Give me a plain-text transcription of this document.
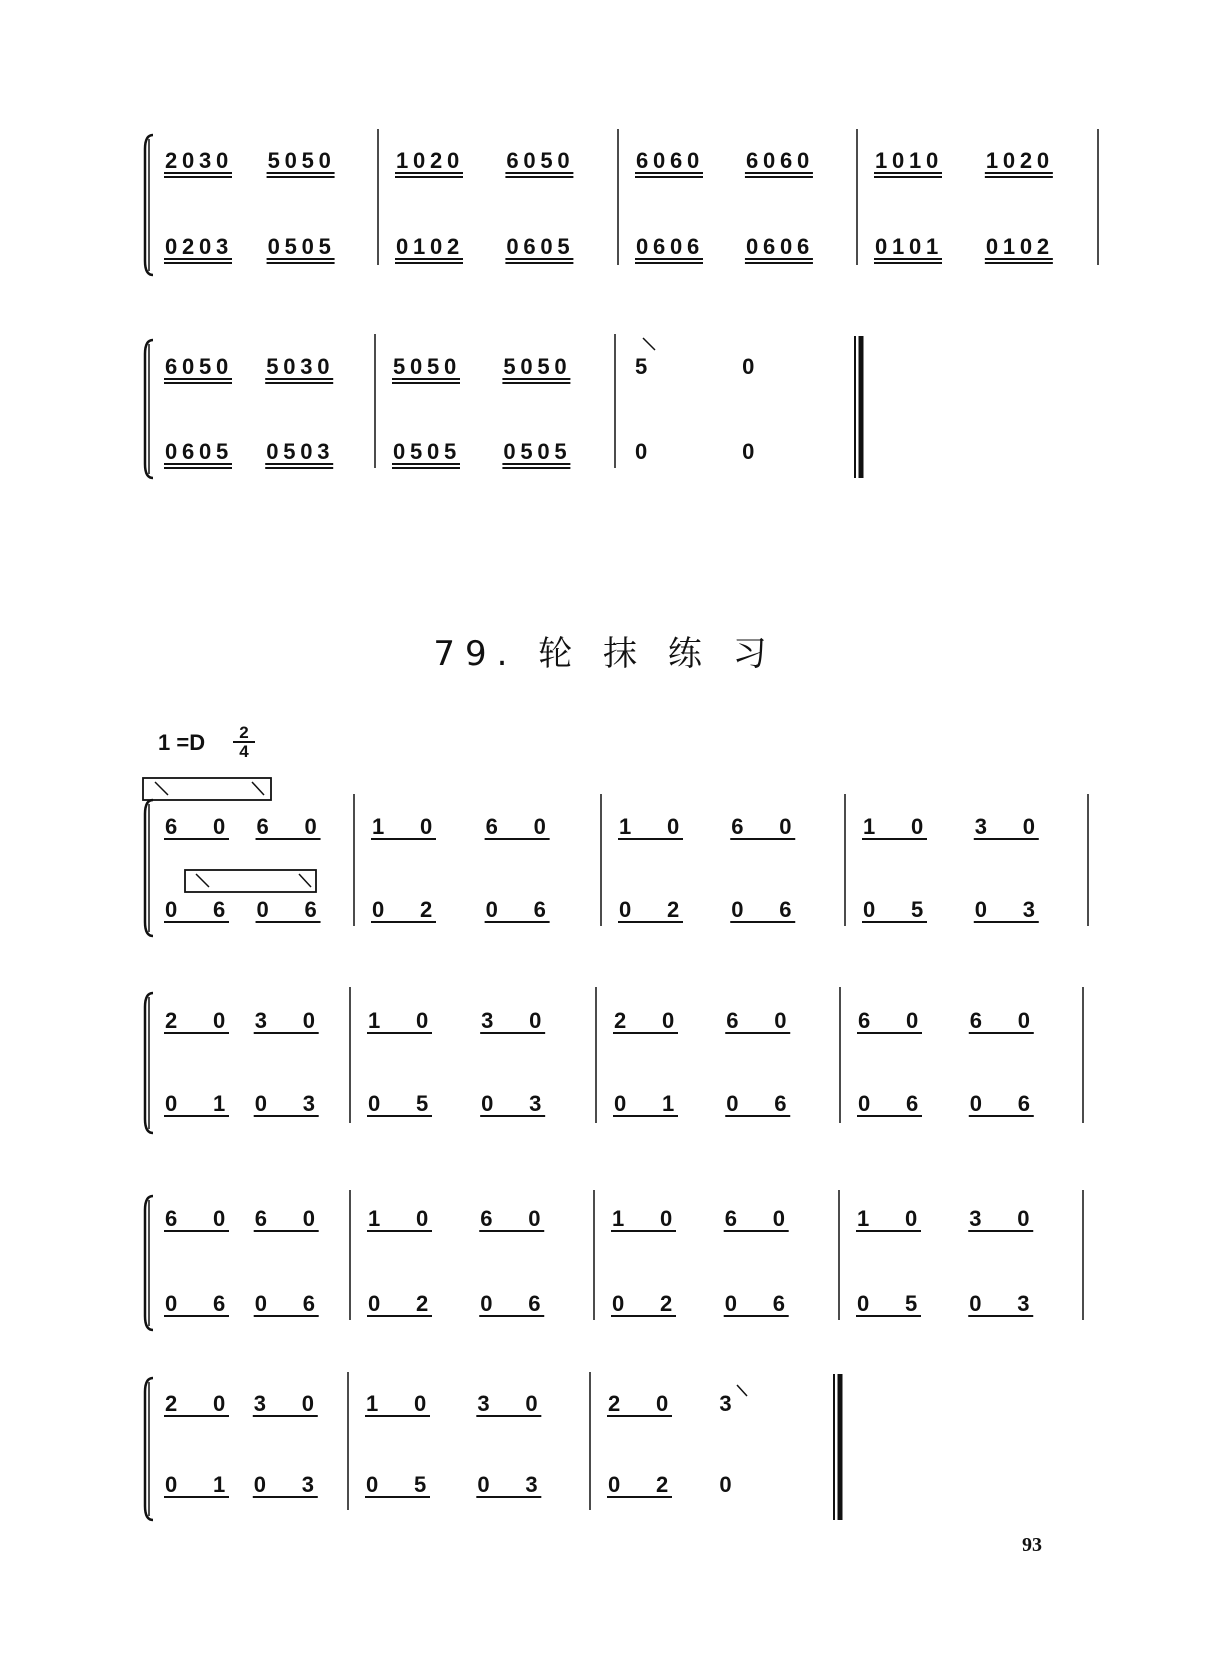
2 0 3 0 5 0 5 0
0 2 0 3 0 5 0 5
1 0 2 0 6 0 5 0
0 1 0 2 0 6 0 5
6 0 6 0 6 0 6 0
0 6 0 6 0 6 0 6
1 0 1 0 1 0 2 0
0 1 0 1 0 1 0 2
6 0 5 0 5 0 3 0
0 6 0 5 0 5 0 3
5 0 5 0 5 0 5 0
0 5 0 5 0 5 0 5
5	0
0	0
6 0 6 0
0 6 0 6
1 0 6 0
0 2 0 6
1 0 6 0
0 2 0 6
1 0 3 0
0 5 0 3
2 0 3 0
0 1 0 3
1 0 3 0
0 5 0 3
2 0 6 0
0 1 0 6
6 0 6 0
0 6 0 6
6 0 6 0
0 6 0 6
1 0 6 0
0 2 0 6
1 0 6 0
0 2 0 6
1 0 3 0
0 5 0 3
2 0 3 0
0 1 0 3
1 0 3 0
0 5 0 3
2 0 3
0 2 0
79. 轮 抹 练 习
$1 =D \frac{2}{4}$
93
